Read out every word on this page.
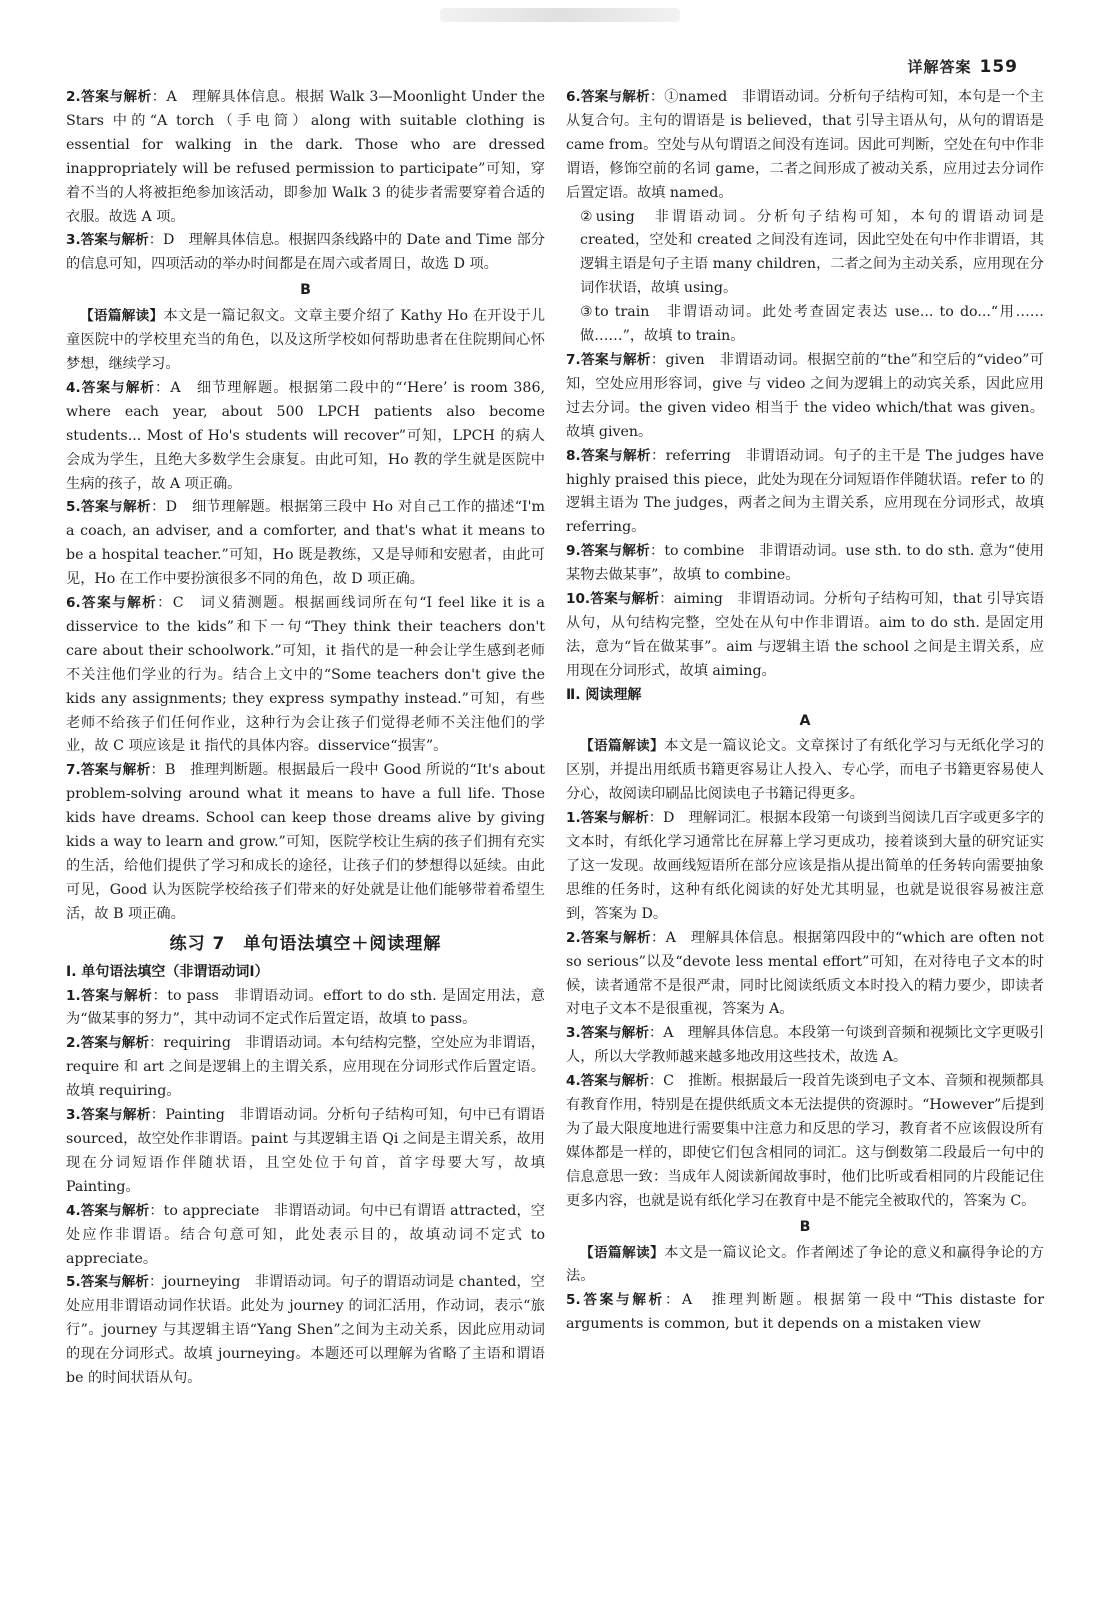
详解答案 159

2.答案与解析：A　理解具体信息。根据 Walk 3—Moonlight Under the Stars 中的“A torch（手电筒）along with suitable clothing is essential for walking in the dark. Those who are dressed inappropriately will be refused permission to participate”可知，穿着不当的人将被拒绝参加该活动，即参加 Walk 3 的徒步者需要穿着合适的衣服。故选 A 项。

3.答案与解析：D　理解具体信息。根据四条线路中的 Date and Time 部分的信息可知，四项活动的举办时间都是在周六或者周日，故选 D 项。

B

【语篇解读】本文是一篇记叙文。文章主要介绍了 Kathy Ho 在开设于儿童医院中的学校里充当的角色，以及这所学校如何帮助患者在住院期间心怀梦想，继续学习。

4.答案与解析：A　细节理解题。根据第二段中的“‘Here’ is room 386, where each year, about 500 LPCH patients also become students... Most of Ho's students will recover”可知，LPCH 的病人会成为学生，且绝大多数学生会康复。由此可知，Ho 教的学生就是医院中生病的孩子，故 A 项正确。

5.答案与解析：D　细节理解题。根据第三段中 Ho 对自己工作的描述“I'm a coach, an adviser, and a comforter, and that's what it means to be a hospital teacher.”可知，Ho 既是教练，又是导师和安慰者，由此可见，Ho 在工作中要扮演很多不同的角色，故 D 项正确。

6.答案与解析：C　词义猜测题。根据画线词所在句“I feel like it is a disservice to the kids”和下一句“They think their teachers don't care about their schoolwork.”可知，it 指代的是一种会让学生感到老师不关注他们学业的行为。结合上文中的“Some teachers don't give the kids any assignments; they express sympathy instead.”可知，有些老师不给孩子们任何作业，这种行为会让孩子们觉得老师不关注他们的学业，故 C 项应该是 it 指代的具体内容。disservice“损害”。

7.答案与解析：B　推理判断题。根据最后一段中 Good 所说的“It's about problem-solving around what it means to have a full life. Those kids have dreams. School can keep those dreams alive by giving kids a way to learn and grow.”可知，医院学校让生病的孩子们拥有充实的生活，给他们提供了学习和成长的途径，让孩子们的梦想得以延续。由此可见，Good 认为医院学校给孩子们带来的好处就是让他们能够带着希望生活，故 B 项正确。

练习 7　单句语法填空＋阅读理解

Ⅰ. 单句语法填空（非谓语动词Ⅰ）

1.答案与解析：to pass　非谓语动词。effort to do sth. 是固定用法，意为“做某事的努力”，其中动词不定式作后置定语，故填 to pass。

2.答案与解析：requiring　非谓语动词。本句结构完整，空处应为非谓语，require 和 art 之间是逻辑上的主谓关系，应用现在分词形式作后置定语。故填 requiring。

3.答案与解析：Painting　非谓语动词。分析句子结构可知，句中已有谓语 sourced，故空处作非谓语。paint 与其逻辑主语 Qi 之间是主谓关系，故用现在分词短语作伴随状语，且空处位于句首，首字母要大写，故填 Painting。

4.答案与解析：to appreciate　非谓语动词。句中已有谓语 attracted，空处应作非谓语。结合句意可知，此处表示目的，故填动词不定式 to appreciate。

5.答案与解析：journeying　非谓语动词。句子的谓语动词是 chanted，空处应用非谓语动词作状语。此处为 journey 的词汇活用，作动词，表示“旅行”。journey 与其逻辑主语“Yang Shen”之间为主动关系，因此应用动词的现在分词形式。故填 journeying。本题还可以理解为省略了主语和谓语 be 的时间状语从句。

6.答案与解析：①named　非谓语动词。分析句子结构可知，本句是一个主从复合句。主句的谓语是 is believed，that 引导主语从句，从句的谓语是 came from。空处与从句谓语之间没有连词。因此可判断，空处在句中作非谓语，修饰空前的名词 game，二者之间形成了被动关系，应用过去分词作后置定语。故填 named。

②using　非谓语动词。分析句子结构可知，本句的谓语动词是 created，空处和 created 之间没有连词，因此空处在句中作非谓语，其逻辑主语是句子主语 many children，二者之间为主动关系，应用现在分词作状语，故填 using。

③to train　非谓语动词。此处考查固定表达 use... to do...“用……做……”，故填 to train。

7.答案与解析：given　非谓语动词。根据空前的“the”和空后的“video”可知，空处应用形容词，give 与 video 之间为逻辑上的动宾关系，因此应用过去分词。the given video 相当于 the video which/that was given。故填 given。

8.答案与解析：referring　非谓语动词。句子的主干是 The judges have highly praised this piece，此处为现在分词短语作伴随状语。refer to 的逻辑主语为 The judges，两者之间为主谓关系，应用现在分词形式，故填 referring。

9.答案与解析：to combine　非谓语动词。use sth. to do sth. 意为“使用某物去做某事”，故填 to combine。

10.答案与解析：aiming　非谓语动词。分析句子结构可知，that 引导宾语从句，从句结构完整，空处在从句中作非谓语。aim to do sth. 是固定用法，意为“旨在做某事”。aim 与逻辑主语 the school 之间是主谓关系，应用现在分词形式，故填 aiming。

Ⅱ. 阅读理解

A

【语篇解读】本文是一篇议论文。文章探讨了有纸化学习与无纸化学习的区别，并提出用纸质书籍更容易让人投入、专心学，而电子书籍更容易使人分心，故阅读印刷品比阅读电子书籍记得更多。

1.答案与解析：D　理解词汇。根据本段第一句谈到当阅读几百字或更多字的文本时，有纸化学习通常比在屏幕上学习更成功，接着谈到大量的研究证实了这一发现。故画线短语所在部分应该是指从提出简单的任务转向需要抽象思维的任务时，这种有纸化阅读的好处尤其明显，也就是说很容易被注意到，答案为 D。

2.答案与解析：A　理解具体信息。根据第四段中的“which are often not so serious”以及“devote less mental effort”可知，在对待电子文本的时候，读者通常不是很严肃，同时比阅读纸质文本时投入的精力要少，即读者对电子文本不是很重视，答案为 A。

3.答案与解析：A　理解具体信息。本段第一句谈到音频和视频比文字更吸引人，所以大学教师越来越多地改用这些技术，故选 A。

4.答案与解析：C　推断。根据最后一段首先谈到电子文本、音频和视频都具有教育作用，特别是在提供纸质文本无法提供的资源时。“However”后提到为了最大限度地进行需要集中注意力和反思的学习，教育者不应该假设所有媒体都是一样的，即使它们包含相同的词汇。这与倒数第二段最后一句中的信息意思一致：当成年人阅读新闻故事时，他们比听或看相同的片段能记住更多内容，也就是说有纸化学习在教育中是不能完全被取代的，答案为 C。

B

【语篇解读】本文是一篇议论文。作者阐述了争论的意义和赢得争论的方法。

5.答案与解析：A　推理判断题。根据第一段中“This distaste for arguments is common, but it depends on a mistaken view
